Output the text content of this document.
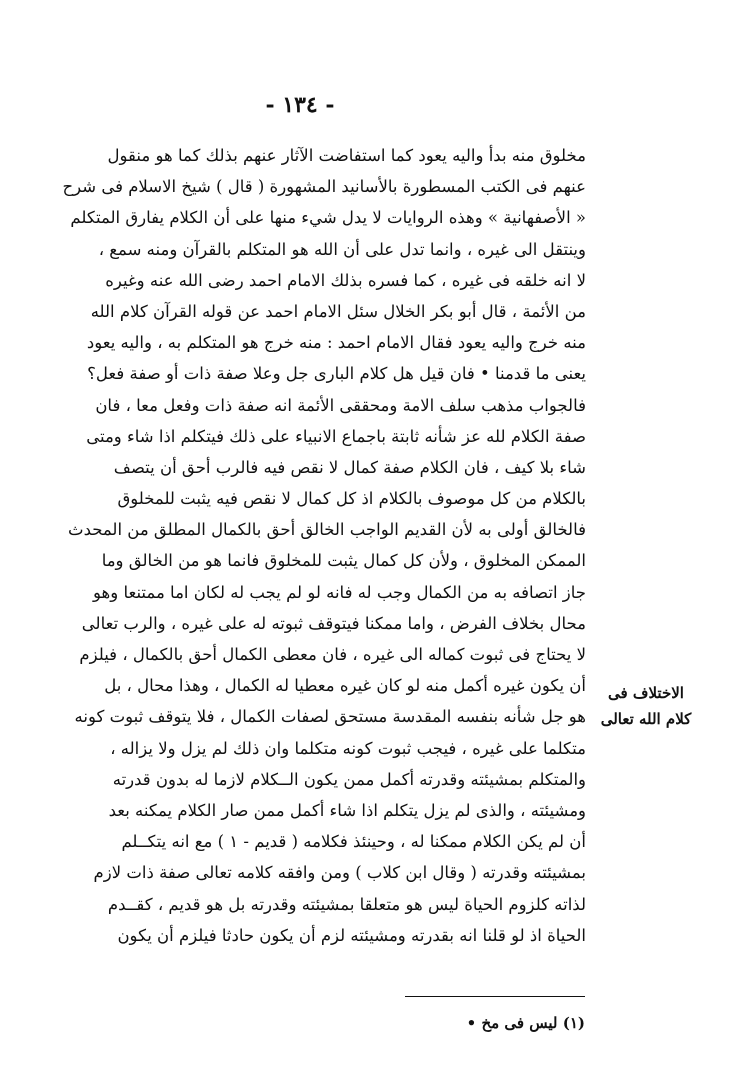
- ١٣٤ -
مخلوق منه بدأ واليه يعود كما استفاضت الآثار عنهم بذلك كما هو منقول
عنهم فى الكتب المسطورة بالأسانيد المشهورة ( قال ) شيخ الاسلام فى شرح
« الأصفهانية » وهذه الروايات لا يدل شيء منها على أن الكلام يفارق المتكلم
وينتقل الى غيره ، وانما تدل على أن الله هو المتكلم بالقرآن ومنه سمع ،
لا انه خلقه فى غيره ، كما فسره بذلك الامام احمد رضى الله عنه وغيره
من الأئمة ، قال أبو بكر الخلال سئل الامام احمد عن قوله القرآن كلام الله
منه خرج واليه يعود فقال الامام احمد : منه خرج هو المتكلم به ، واليه يعود
يعنى ما قدمنا • فان قيل هل كلام البارى جل وعلا صفة ذات أو صفة فعل؟
فالجواب مذهب سلف الامة ومحققى الأئمة انه صفة ذات وفعل معا ، فان
صفة الكلام لله عز شأنه ثابتة باجماع الانبياء على ذلك فيتكلم اذا شاء ومتى
شاء بلا كيف ، فان الكلام صفة كمال لا نقص فيه فالرب أحق أن يتصف
بالكلام من كل موصوف بالكلام اذ كل كمال لا نقص فيه يثبت للمخلوق
فالخالق أولى به لأن القديم الواجب الخالق أحق بالكمال المطلق من المحدث
الممكن المخلوق ، ولأن كل كمال يثبت للمخلوق فانما هو من الخالق وما
جاز اتصافه به من الكمال وجب له فانه لو لم يجب له لكان اما ممتنعا وهو
محال بخلاف الفرض ، واما ممكنا فيتوقف ثبوته له على غيره ، والرب تعالى
لا يحتاج فى ثبوت كماله الى غيره ، فان معطى الكمال أحق بالكمال ، فيلزم
أن يكون غيره أكمل منه لو كان غيره معطيا له الكمال ، وهذا محال ، بل
هو جل شأنه بنفسه المقدسة مستحق لصفات الكمال ، فلا يتوقف ثبوت كونه
متكلما على غيره ، فيجب ثبوت كونه متكلما وان ذلك لم يزل ولا يزاله ،
والمتكلم بمشيئته وقدرته أكمل ممن يكون الــكلام لازما له بدون قدرته
ومشيئته ، والذى لم يزل يتكلم اذا شاء أكمل ممن صار الكلام يمكنه بعد
أن لم يكن الكلام ممكنا له ، وحينئذ فكلامه ( قديم - ١ ) مع انه يتكــلم
بمشيئته وقدرته ( وقال ابن كلاب ) ومن وافقه كلامه تعالى صفة ذات لازم
لذاته كلزوم الحياة ليس هو متعلقا بمشيئته وقدرته بل هو قديم ، كقــدم
الحياة اذ لو قلنا انه بقدرته ومشيئته لزم أن يكون حادثا فيلزم أن يكون
الاختلاف فى
كلام الله تعالى
(١) ليس فى مخ •
